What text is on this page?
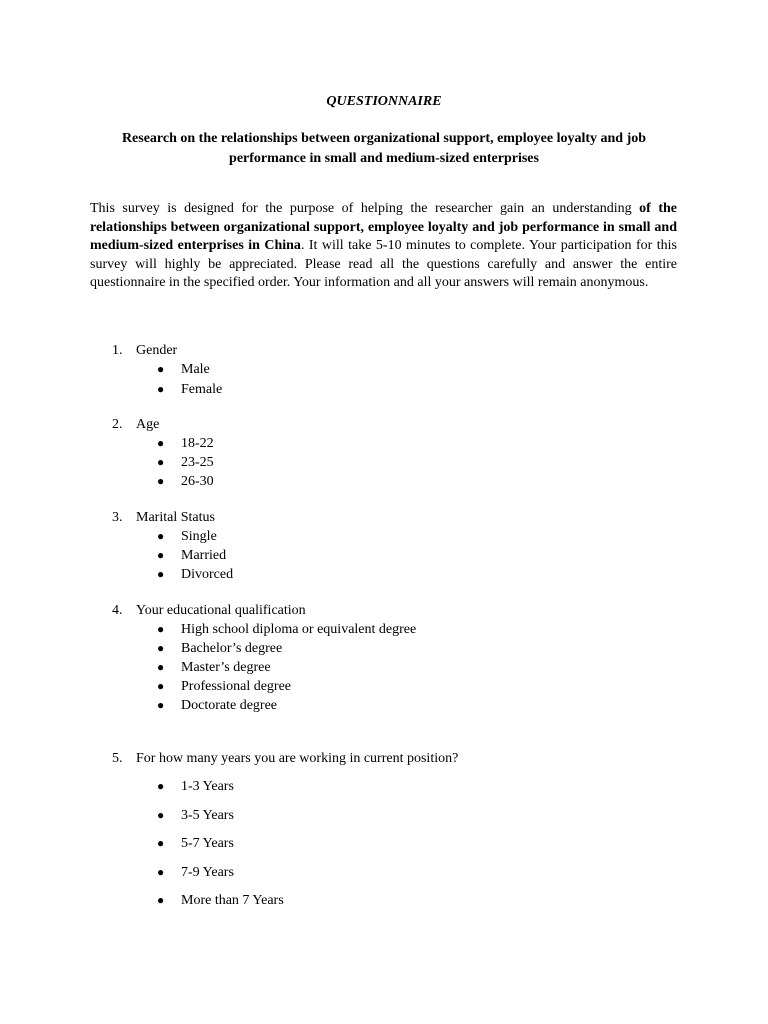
QUESTIONNAIRE
Research on the relationships between organizational support, employee loyalty and job performance in small and medium-sized enterprises
This survey is designed for the purpose of helping the researcher gain an understanding of the relationships between organizational support, employee loyalty and job performance in small and medium-sized enterprises in China. It will take 5-10 minutes to complete. Your participation for this survey will highly be appreciated. Please read all the questions carefully and answer the entire questionnaire in the specified order. Your information and all your answers will remain anonymous.
1. Gender
● Male
● Female
2. Age
● 18-22
● 23-25
● 26-30
3. Marital Status
● Single
● Married
● Divorced
4. Your educational qualification
● High school diploma or equivalent degree
● Bachelor’s degree
● Master’s degree
● Professional degree
● Doctorate degree
5. For how many years you are working in current position?
● 1-3 Years
● 3-5 Years
● 5-7 Years
● 7-9 Years
● More than 7 Years
